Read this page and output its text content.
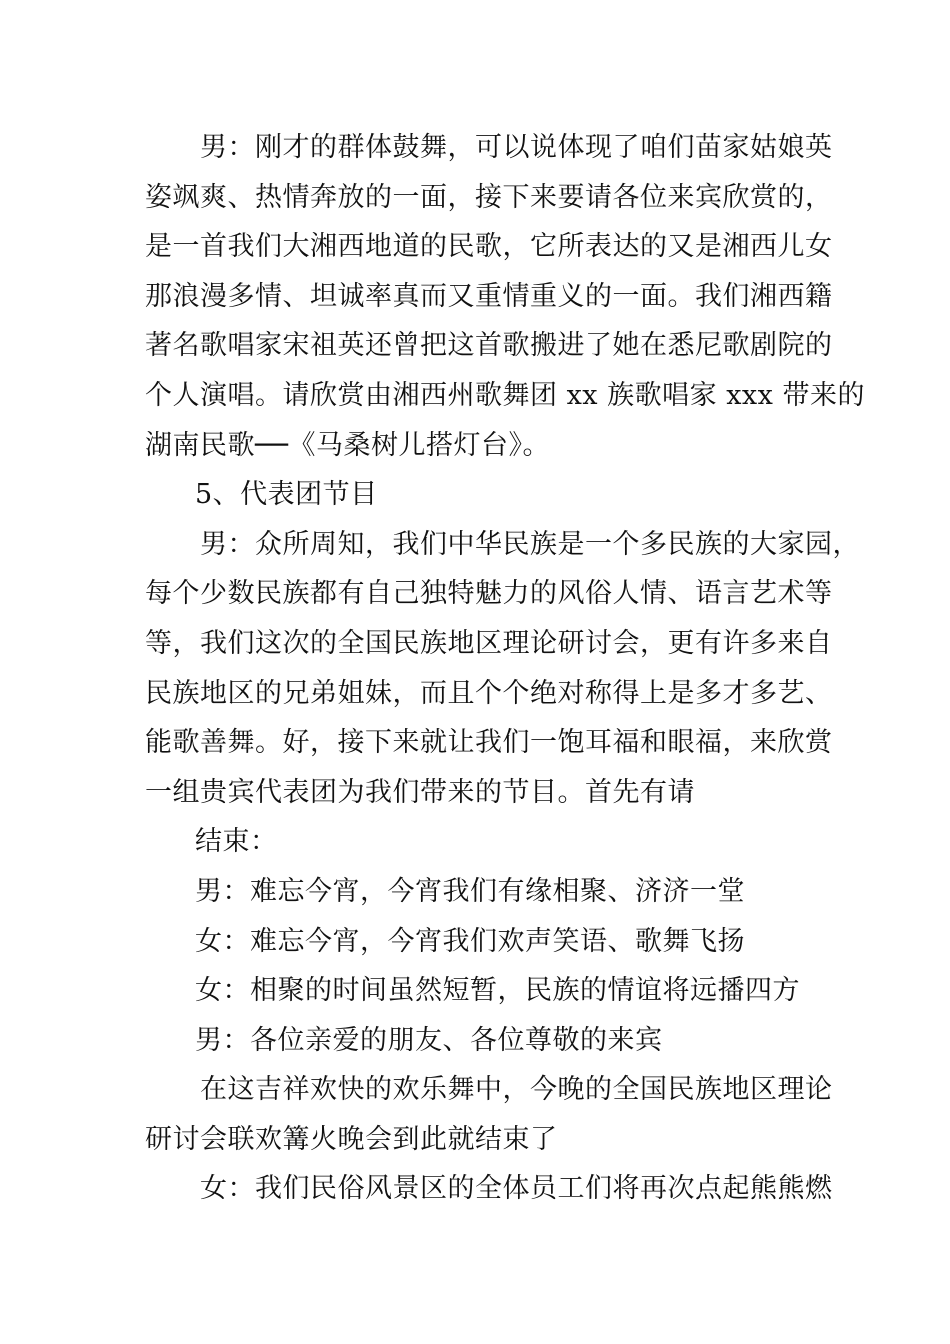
男：刚才的群体鼓舞，可以说体现了咱们苗家姑娘英
姿飒爽、热情奔放的一面，接下来要请各位来宾欣赏的，
是一首我们大湘西地道的民歌，它所表达的又是湘西儿女
那浪漫多情、坦诚率真而又重情重义的一面。我们湘西籍
著名歌唱家宋祖英还曾把这首歌搬进了她在悉尼歌剧院的
个人演唱。请欣赏由湘西州歌舞团 xx 族歌唱家 xxx 带来的
湖南民歌──《马桑树儿搭灯台》。
5、代表团节目
男：众所周知，我们中华民族是一个多民族的大家园，
每个少数民族都有自己独特魅力的风俗人情、语言艺术等
等，我们这次的全国民族地区理论研讨会，更有许多来自
民族地区的兄弟姐妹，而且个个绝对称得上是多才多艺、
能歌善舞。好，接下来就让我们一饱耳福和眼福，来欣赏
一组贵宾代表团为我们带来的节目。首先有请
结束：
男：难忘今宵，今宵我们有缘相聚、济济一堂
女：难忘今宵，今宵我们欢声笑语、歌舞飞扬
女：相聚的时间虽然短暂，民族的情谊将远播四方
男：各位亲爱的朋友、各位尊敬的来宾
在这吉祥欢快的欢乐舞中，今晚的全国民族地区理论
研讨会联欢篝火晚会到此就结束了
女：我们民俗风景区的全体员工们将再次点起熊熊燃
